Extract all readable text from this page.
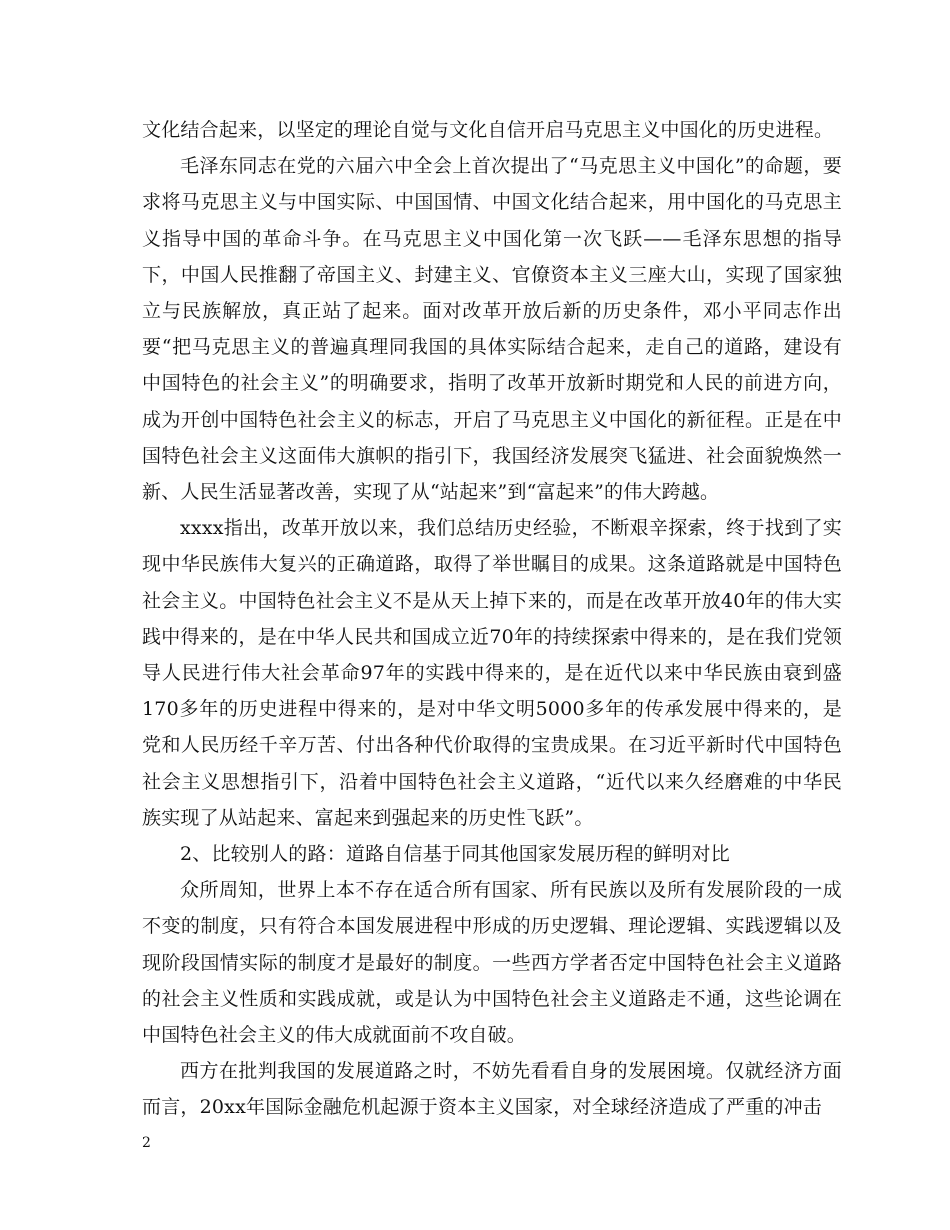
文化结合起来，以坚定的理论自觉与文化自信开启马克思主义中国化的历史进程。

毛泽东同志在党的六届六中全会上首次提出了“马克思主义中国化”的命题，要求将马克思主义与中国实际、中国国情、中国文化结合起来，用中国化的马克思主义指导中国的革命斗争。在马克思主义中国化第一次飞跃——毛泽东思想的指导下，中国人民推翻了帝国主义、封建主义、官僚资本主义三座大山，实现了国家独立与民族解放，真正站了起来。面对改革开放后新的历史条件，邓小平同志作出要“把马克思主义的普遍真理同我国的具体实际结合起来，走自己的道路，建设有中国特色的社会主义”的明确要求，指明了改革开放新时期党和人民的前进方向，成为开创中国特色社会主义的标志，开启了马克思主义中国化的新征程。正是在中国特色社会主义这面伟大旗帜的指引下，我国经济发展突飞猛进、社会面貌焕然一新、人民生活显著改善，实现了从“站起来”到“富起来”的伟大跨越。

xxxx指出，改革开放以来，我们总结历史经验，不断艰辛探索，终于找到了实现中华民族伟大复兴的正确道路，取得了举世瞩目的成果。这条道路就是中国特色社会主义。中国特色社会主义不是从天上掉下来的，而是在改革开放40年的伟大实践中得来的，是在中华人民共和国成立近70年的持续探索中得来的，是在我们党领导人民进行伟大社会革命97年的实践中得来的，是在近代以来中华民族由衰到盛170多年的历史进程中得来的，是对中华文明5000多年的传承发展中得来的，是党和人民历经千辛万苦、付出各种代价取得的宝贵成果。在习近平新时代中国特色社会主义思想指引下，沿着中国特色社会主义道路，“近代以来久经磨难的中华民族实现了从站起来、富起来到强起来的历史性飞跃”。

2、比较别人的路：道路自信基于同其他国家发展历程的鲜明对比

众所周知，世界上本不存在适合所有国家、所有民族以及所有发展阶段的一成不变的制度，只有符合本国发展进程中形成的历史逻辑、理论逻辑、实践逻辑以及现阶段国情实际的制度才是最好的制度。一些西方学者否定中国特色社会主义道路的社会主义性质和实践成就，或是认为中国特色社会主义道路走不通，这些论调在中国特色社会主义的伟大成就面前不攻自破。

西方在批判我国的发展道路之时，不妨先看看自身的发展困境。仅就经济方面而言，20xx年国际金融危机起源于资本主义国家，对全球经济造成了严重的冲击

2
